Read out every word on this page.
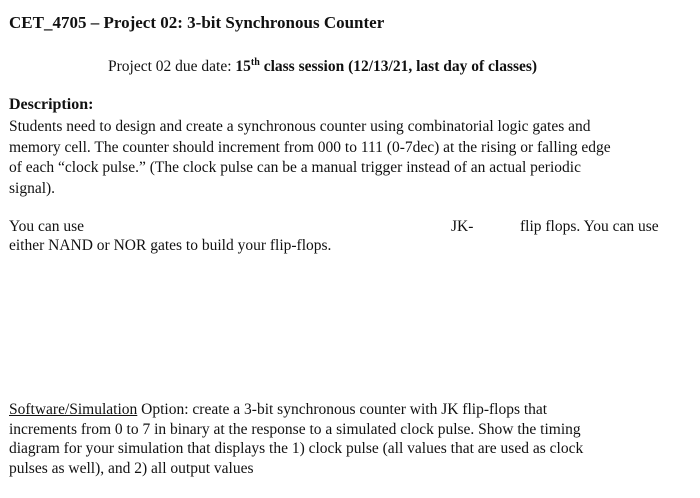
CET_4705 – Project 02: 3-bit Synchronous Counter
Project 02 due date: 15th class session (12/13/21, last day of classes)
Description:
Students need to design and create a synchronous counter using combinatorial logic gates and
memory cell. The counter should increment from 000 to 111 (0-7dec) at the rising or falling edge
of each “clock pulse.” (The clock pulse can be a manual trigger instead of an actual periodic
signal).
You can use	JK-	flip flops. You can use
either NAND or NOR gates to build your flip-flops.
Software/Simulation Option: create a 3-bit synchronous counter with JK flip-flops that
increments from 0 to 7 in binary at the response to a simulated clock pulse. Show the timing
diagram for your simulation that displays the 1) clock pulse (all values that are used as clock
pulses as well), and 2) all output values
